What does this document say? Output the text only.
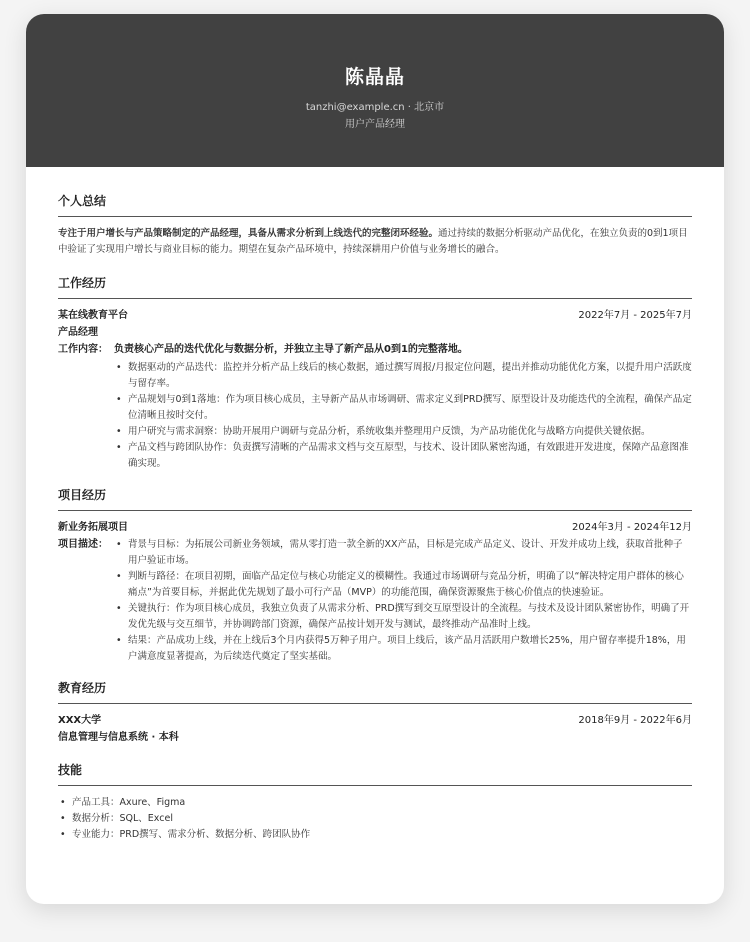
陈晶晶
tanzhi@example.cn · 北京市
用户产品经理
个人总结
专注于用户增长与产品策略制定的产品经理，具备从需求分析到上线迭代的完整闭环经验。通过持续的数据分析驱动产品优化，在独立负责的0到1项目中验证了实现用户增长与商业目标的能力。期望在复杂产品环境中，持续深耕用户价值与业务增长的融合。
工作经历
某在线教育平台	2022年7月 - 2025年7月
产品经理
工作内容： 负责核心产品的迭代优化与数据分析，并独立主导了新产品从0到1的完整落地。
• 数据驱动的产品迭代：监控并分析产品上线后的核心数据，通过撰写周报/月报定位问题，提出并推动功能优化方案，以提升用户活跃度与留存率。
• 产品规划与0到1落地：作为项目核心成员，主导新产品从市场调研、需求定义到PRD撰写、原型设计及功能迭代的全流程，确保产品定位清晰且按时交付。
• 用户研究与需求洞察：协助开展用户调研与竞品分析，系统收集并整理用户反馈，为产品功能优化与战略方向提供关键依据。
• 产品文档与跨团队协作：负责撰写清晰的产品需求文档与交互原型，与技术、设计团队紧密沟通，有效跟进开发进度，保障产品意图准确实现。
项目经历
新业务拓展项目	2024年3月 - 2024年12月
项目描述：
•	背景与目标：为拓展公司新业务领域，需从零打造一款全新的XX产品，目标是完成产品定义、设计、开发并成功上线，获取首批种子用户验证市场。
• 判断与路径：在项目初期，面临产品定位与核心功能定义的模糊性。我通过市场调研与竞品分析，明确了以“解决特定用户群体的核心痛点”为首要目标，并据此优先规划了最小可行产品（MVP）的功能范围，确保资源聚焦于核心价值点的快速验证。
• 关键执行：作为项目核心成员，我独立负责了从需求分析、PRD撰写到交互原型设计的全流程。与技术及设计团队紧密协作，明确了开发优先级与交互细节，并协调跨部门资源，确保产品按计划开发与测试，最终推动产品准时上线。
• 结果：产品成功上线，并在上线后3个月内获得5万种子用户。项目上线后，该产品月活跃用户数增长25%，用户留存率提升18%，用户满意度显著提高，为后续迭代奠定了坚实基础。
教育经历
XXX大学	2018年9月 - 2022年6月
信息管理与信息系统 · 本科
技能
• 产品工具：Axure、Figma
• 数据分析：SQL、Excel
• 专业能力：PRD撰写、需求分析、数据分析、跨团队协作
